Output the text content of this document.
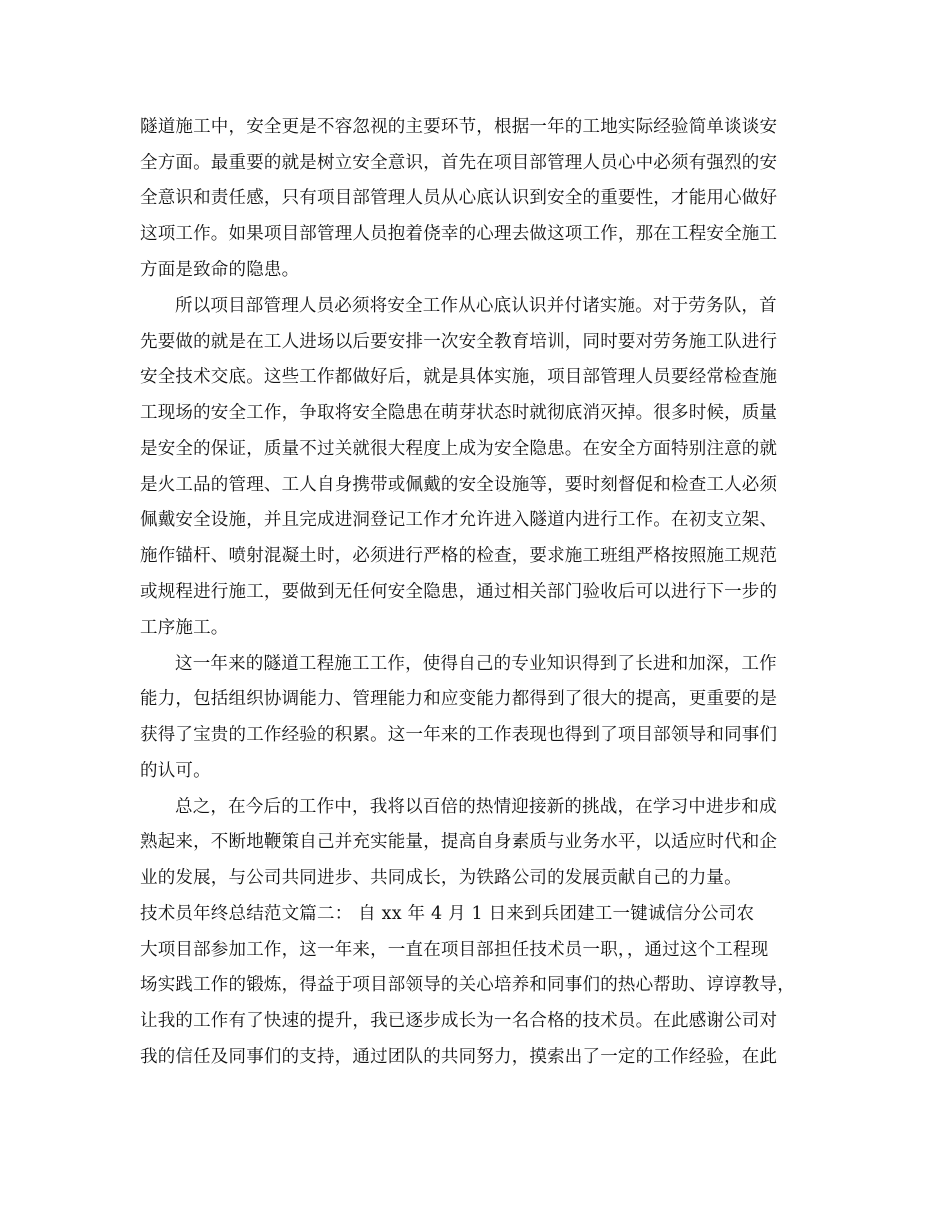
隧道施工中，安全更是不容忽视的主要环节，根据一年的工地实际经验简单谈谈安
全方面。最重要的就是树立安全意识，首先在项目部管理人员心中必须有强烈的安
全意识和责任感，只有项目部管理人员从心底认识到安全的重要性，才能用心做好
这项工作。如果项目部管理人员抱着侥幸的心理去做这项工作，那在工程安全施工
方面是致命的隐患。
所以项目部管理人员必须将安全工作从心底认识并付诸实施。对于劳务队，首
先要做的就是在工人进场以后要安排一次安全教育培训，同时要对劳务施工队进行
安全技术交底。这些工作都做好后，就是具体实施，项目部管理人员要经常检查施
工现场的安全工作，争取将安全隐患在萌芽状态时就彻底消灭掉。很多时候，质量
是安全的保证，质量不过关就很大程度上成为安全隐患。在安全方面特别注意的就
是火工品的管理、工人自身携带或佩戴的安全设施等，要时刻督促和检查工人必须
佩戴安全设施，并且完成进洞登记工作才允许进入隧道内进行工作。在初支立架、
施作锚杆、喷射混凝土时，必须进行严格的检查，要求施工班组严格按照施工规范
或规程进行施工，要做到无任何安全隐患，通过相关部门验收后可以进行下一步的
工序施工。
这一年来的隧道工程施工工作，使得自己的专业知识得到了长进和加深，工作
能力，包括组织协调能力、管理能力和应变能力都得到了很大的提高，更重要的是
获得了宝贵的工作经验的积累。这一年来的工作表现也得到了项目部领导和同事们
的认可。
总之，在今后的工作中，我将以百倍的热情迎接新的挑战，在学习中进步和成
熟起来，不断地鞭策自己并充实能量，提高自身素质与业务水平，以适应时代和企
业的发展，与公司共同进步、共同成长，为铁路公司的发展贡献自己的力量。
技术员年终总结范文篇二： 自 xx 年 4 月 1 日来到兵团建工一键诚信分公司农
大项目部参加工作，这一年来，一直在项目部担任技术员一职，，通过这个工程现
场实践工作的锻炼，得益于项目部领导的关心培养和同事们的热心帮助、谆谆教导，
让我的工作有了快速的提升，我已逐步成长为一名合格的技术员。在此感谢公司对
我的信任及同事们的支持，通过团队的共同努力，摸索出了一定的工作经验，在此
